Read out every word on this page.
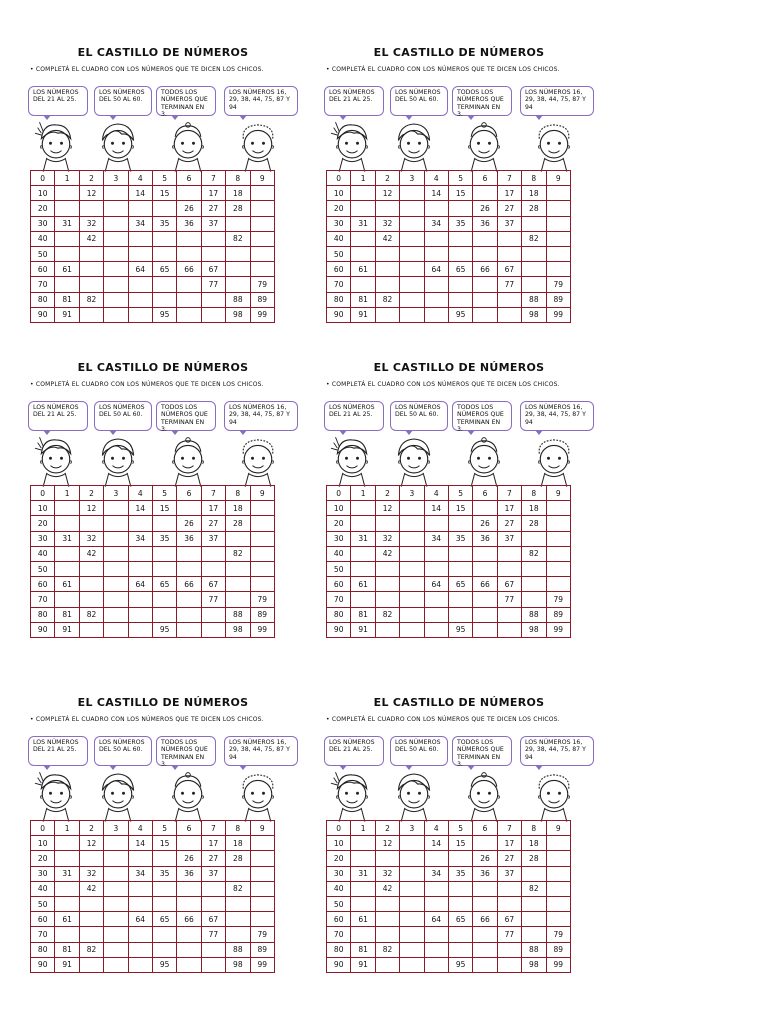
EL CASTILLO DE NÚMEROS
• COMPLETÁ EL CUADRO CON LOS NÚMEROS QUE TE DICEN LOS CHICOS.
LOS NÚMEROS DEL 21 AL 25.
LOS NÚMEROS DEL 50 AL 60.
TODOS LOS NÚMEROS QUE TERMINAN EN 3.
LOS NÚMEROS 16, 29, 38, 44, 75, 87 Y 94
0	1	2	3	4	5	6	7	8	9
10		12		14	15		17	18	
20						26	27	28	
30	31	32		34	35	36	37		
40		42						82	
50									
60	61			64	65	66	67		
70							77		79
80	81	82						88	89
90	91				95			98	99
EL CASTILLO DE NÚMEROS
• COMPLETÁ EL CUADRO CON LOS NÚMEROS QUE TE DICEN LOS CHICOS.
LOS NÚMEROS DEL 21 AL 25.
LOS NÚMEROS DEL 50 AL 60.
TODOS LOS NÚMEROS QUE TERMINAN EN 3.
LOS NÚMEROS 16, 29, 38, 44, 75, 87 Y 94
0	1	2	3	4	5	6	7	8	9
10		12		14	15		17	18	
20						26	27	28	
30	31	32		34	35	36	37		
40		42						82	
50									
60	61			64	65	66	67		
70							77		79
80	81	82						88	89
90	91				95			98	99
EL CASTILLO DE NÚMEROS
• COMPLETÁ EL CUADRO CON LOS NÚMEROS QUE TE DICEN LOS CHICOS.
LOS NÚMEROS DEL 21 AL 25.
LOS NÚMEROS DEL 50 AL 60.
TODOS LOS NÚMEROS QUE TERMINAN EN 3.
LOS NÚMEROS 16, 29, 38, 44, 75, 87 Y 94
0	1	2	3	4	5	6	7	8	9
10		12		14	15		17	18	
20						26	27	28	
30	31	32		34	35	36	37		
40		42						82	
50									
60	61			64	65	66	67		
70							77		79
80	81	82						88	89
90	91				95			98	99
EL CASTILLO DE NÚMEROS
• COMPLETÁ EL CUADRO CON LOS NÚMEROS QUE TE DICEN LOS CHICOS.
LOS NÚMEROS DEL 21 AL 25.
LOS NÚMEROS DEL 50 AL 60.
TODOS LOS NÚMEROS QUE TERMINAN EN 3.
LOS NÚMEROS 16, 29, 38, 44, 75, 87 Y 94
0	1	2	3	4	5	6	7	8	9
10		12		14	15		17	18	
20						26	27	28	
30	31	32		34	35	36	37		
40		42						82	
50									
60	61			64	65	66	67		
70							77		79
80	81	82						88	89
90	91				95			98	99
EL CASTILLO DE NÚMEROS
• COMPLETÁ EL CUADRO CON LOS NÚMEROS QUE TE DICEN LOS CHICOS.
LOS NÚMEROS DEL 21 AL 25.
LOS NÚMEROS DEL 50 AL 60.
TODOS LOS NÚMEROS QUE TERMINAN EN 3.
LOS NÚMEROS 16, 29, 38, 44, 75, 87 Y 94
0	1	2	3	4	5	6	7	8	9
10		12		14	15		17	18	
20						26	27	28	
30	31	32		34	35	36	37		
40		42						82	
50									
60	61			64	65	66	67		
70							77		79
80	81	82						88	89
90	91				95			98	99
EL CASTILLO DE NÚMEROS
• COMPLETÁ EL CUADRO CON LOS NÚMEROS QUE TE DICEN LOS CHICOS.
LOS NÚMEROS DEL 21 AL 25.
LOS NÚMEROS DEL 50 AL 60.
TODOS LOS NÚMEROS QUE TERMINAN EN 3.
LOS NÚMEROS 16, 29, 38, 44, 75, 87 Y 94
0	1	2	3	4	5	6	7	8	9
10		12		14	15		17	18	
20						26	27	28	
30	31	32		34	35	36	37		
40		42						82	
50									
60	61			64	65	66	67		
70							77		79
80	81	82						88	89
90	91				95			98	99
